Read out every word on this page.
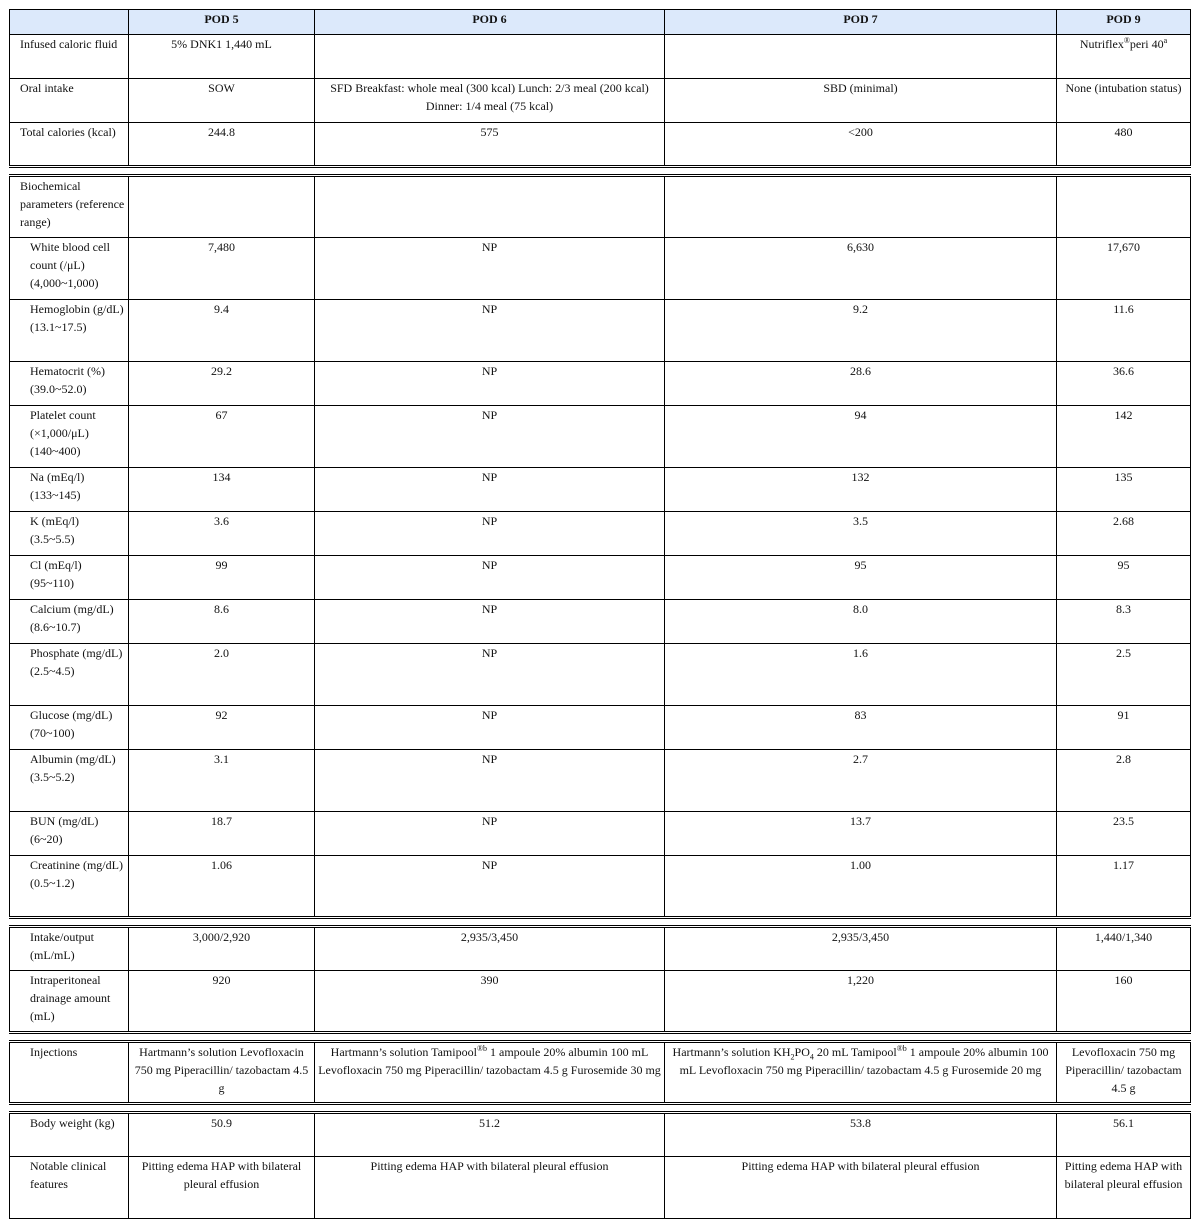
	POD 5	POD 6	POD 7	POD 9
Infused caloric fluid	5% DNK1 1,440 mL			Nutriflex®peri 40$^a$
Oral intake	SOW	SFD Breakfast: whole meal (300 kcal) Lunch: 2/3 meal (200 kcal) Dinner: 1/4 meal (75 kcal)	SBD (minimal)	None (intubation status)
Total calories (kcal)	244.8	575	<200	480

Biochemical parameters (reference range)				
White blood cell count (/μL) (4,000~1,000)	7,480	NP	6,630	17,670
Hemoglobin (g/dL) (13.1~17.5)	9.4	NP	9.2	11.6
Hematocrit (%) (39.0~52.0)	29.2	NP	28.6	36.6
Platelet count (×1,000/μL) (140~400)	67	NP	94	142
Na (mEq/l) (133~145)	134	NP	132	135
K (mEq/l) (3.5~5.5)	3.6	NP	3.5	2.68
Cl (mEq/l) (95~110)	99	NP	95	95
Calcium (mg/dL) (8.6~10.7)	8.6	NP	8.0	8.3
Phosphate (mg/dL) (2.5~4.5)	2.0	NP	1.6	2.5
Glucose (mg/dL) (70~100)	92	NP	83	91
Albumin (mg/dL) (3.5~5.2)	3.1	NP	2.7	2.8
BUN (mg/dL) (6~20)	18.7	NP	13.7	23.5
Creatinine (mg/dL) (0.5~1.2)	1.06	NP	1.00	1.17

Intake/output (mL/mL)	3,000/2,920	2,935/3,450	2,935/3,450	1,440/1,340
Intraperitoneal drainage amount (mL)	920	390	1,220	160

Injections	Hartmann’s solution Levofloxacin 750 mg Piperacillin/ tazobactam 4.5 g	Hartmann’s solution Tamipool$^{®b}$ 1 ampoule 20% albumin 100 mL Levofloxacin 750 mg Piperacillin/ tazobactam 4.5 g Furosemide 30 mg	Hartmann’s solution $KH_2PO_4$ 20 mL Tamipool$^{®b}$ 1 ampoule 20% albumin 100 mL Levofloxacin 750 mg Piperacillin/ tazobactam 4.5 g Furosemide 20 mg	Levofloxacin 750 mg Piperacillin/ tazobactam 4.5 g

Body weight (kg)	50.9	51.2	53.8	56.1
Notable clinical features	Pitting edema HAP with bilateral pleural effusion	Pitting edema HAP with bilateral pleural effusion	Pitting edema HAP with bilateral pleural effusion	Pitting edema HAP with bilateral pleural effusion
